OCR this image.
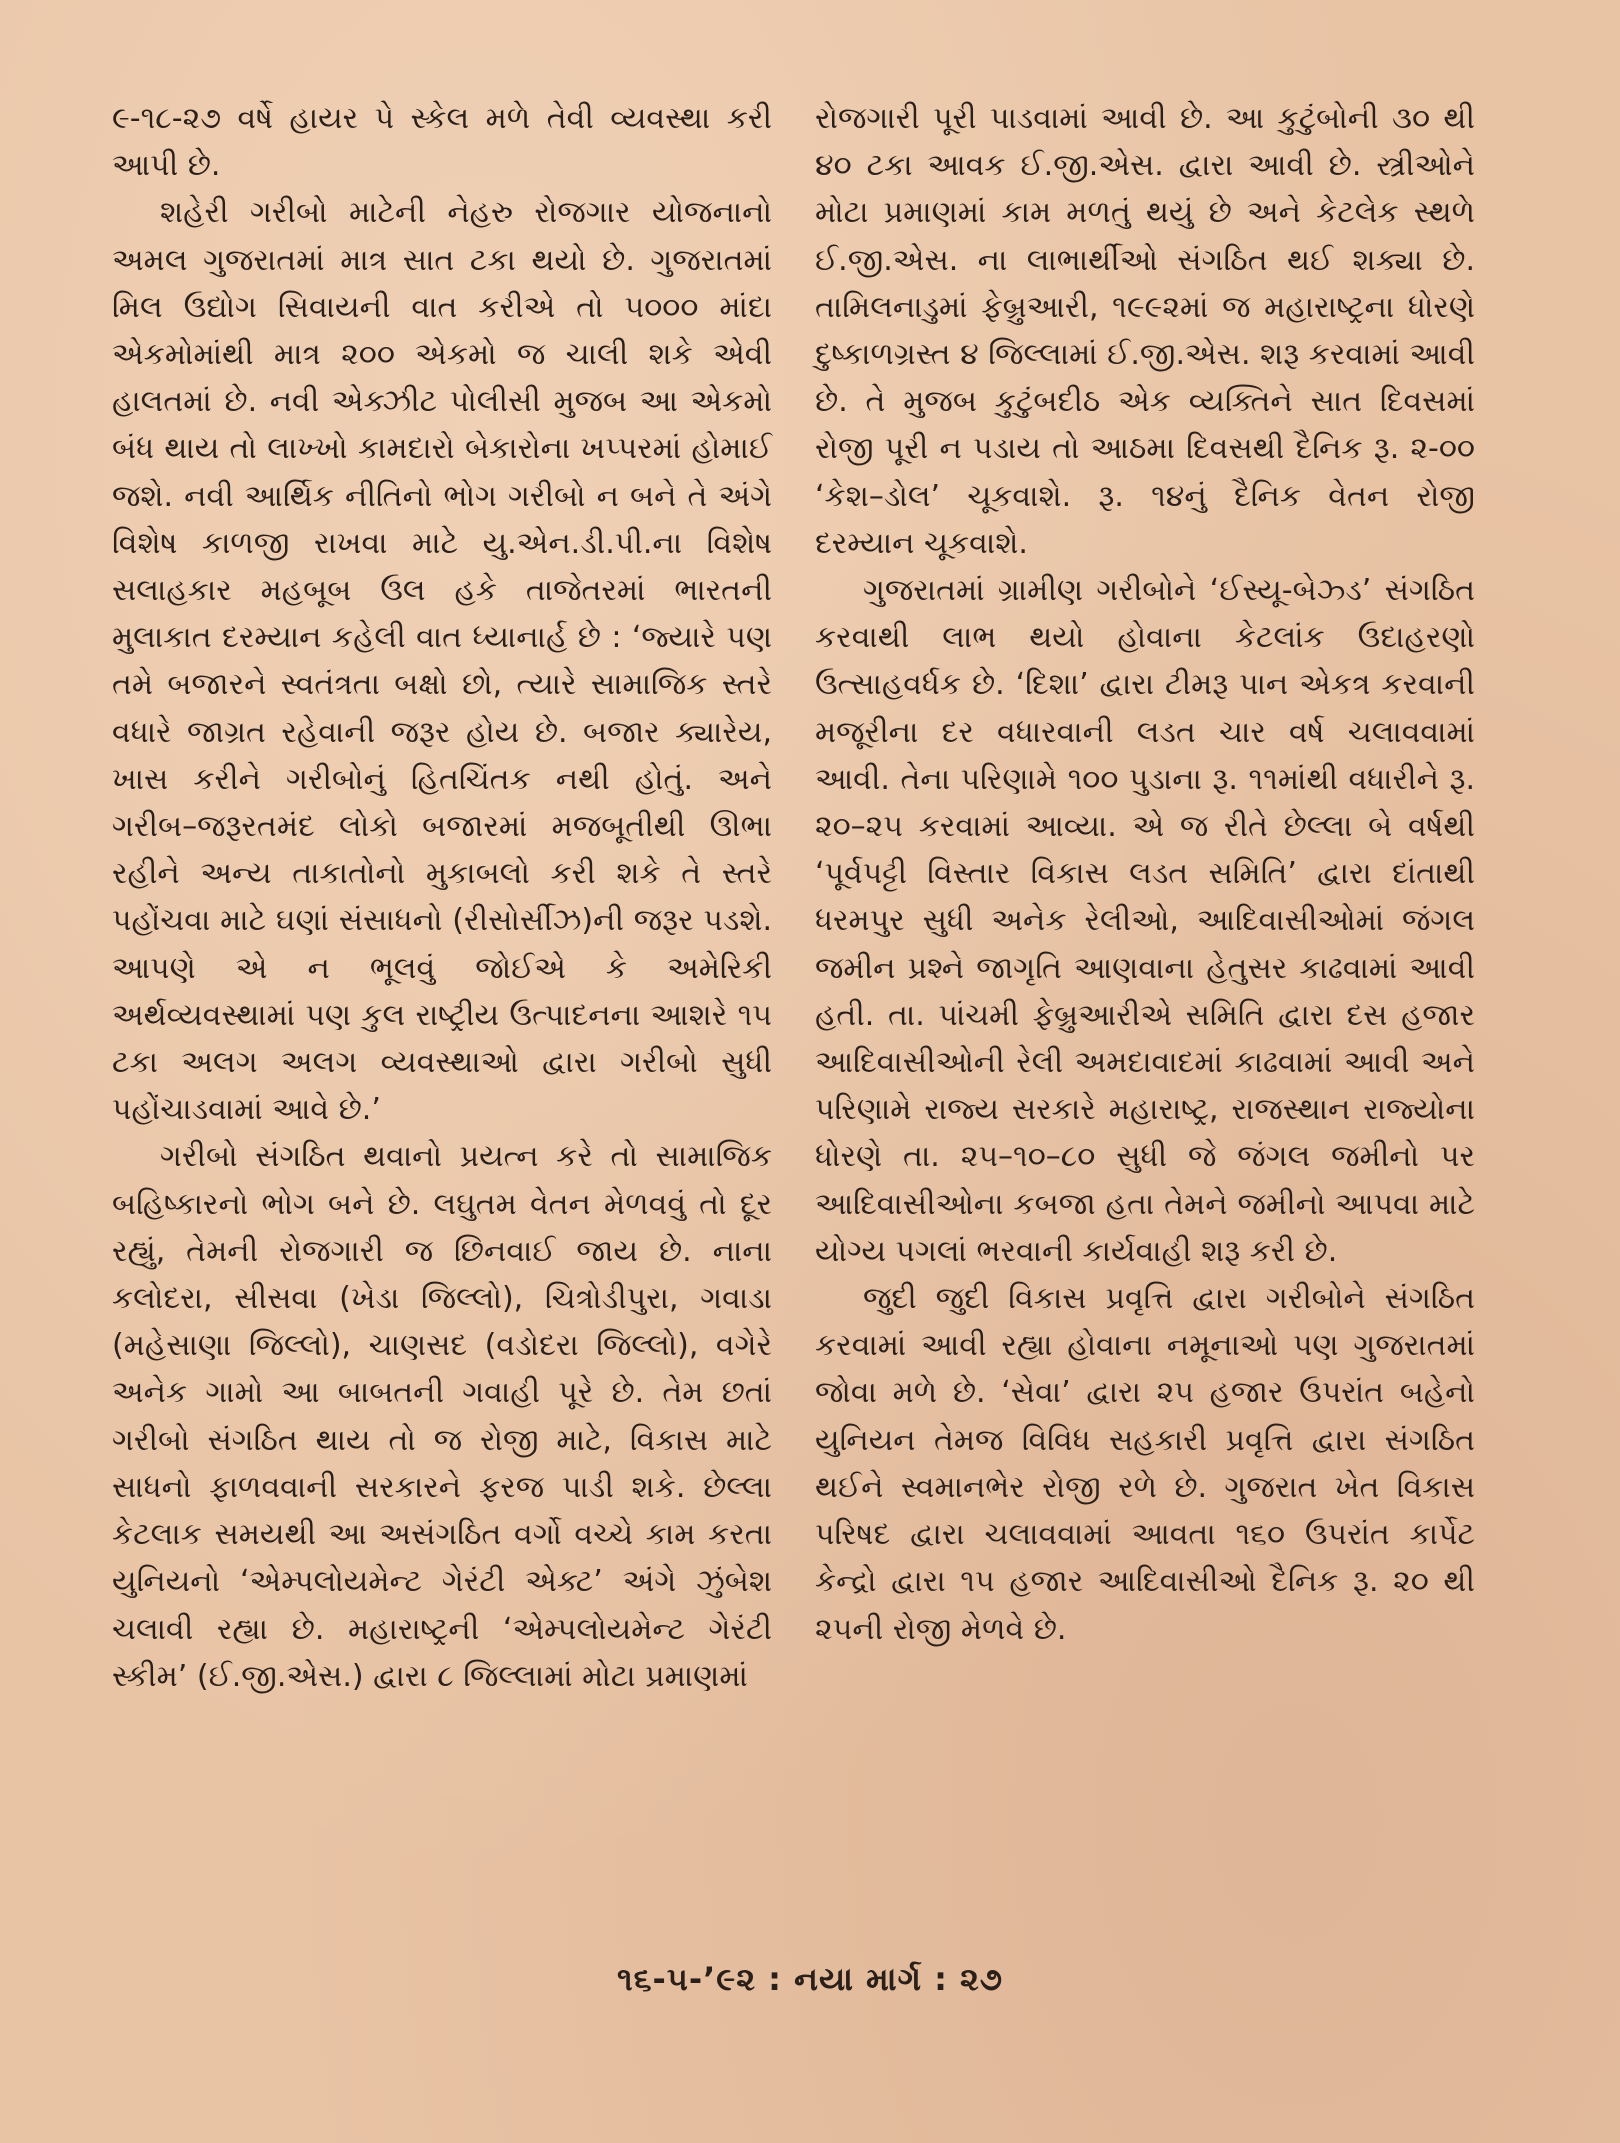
૯-૧૮-૨૭ વર્ષે હાયર પે સ્કેલ મળે તેવી વ્યવસ્થા કરી આપી છે.

શહેરી ગરીબો માટેની નેહરુ રોજગાર યોજનાનો અમલ ગુજરાતમાં માત્ર સાત ટકા થયો છે. ગુજરાતમાં મિલ ઉદ્યોગ સિવાયની વાત કરીએ તો ૫૦૦૦ માંદા એકમોમાંથી માત્ર ૨૦૦ એકમો જ ચાલી શકે એવી હાલતમાં છે. નવી એક્ઝીટ પોલીસી મુજબ આ એકમો બંધ થાય તો લાખ્ખો કામદારો બેકારોના ખપ્પરમાં હોમાઈ જશે. નવી આર્થિક નીતિનો ભોગ ગરીબો ન બને તે અંગે વિશેષ કાળજી રાખવા માટે યુ.એન.ડી.પી.ના વિશેષ સલાહકાર મહબૂબ ઉલ હકે તાજેતરમાં ભારતની મુલાકાત દરમ્યાન કહેલી વાત ધ્યાનાર્હ છે : ‘જ્યારે પણ તમે બજારને સ્વતંત્રતા બક્ષો છો, ત્યારે સામાજિક સ્તરે વધારે જાગ્રત રહેવાની જરૂર હોય છે. બજાર ક્યારેય, ખાસ કરીને ગરીબોનું હિતચિંતક નથી હોતું. અને ગરીબ–જરૂરતમંદ લોકો બજારમાં મજબૂતીથી ઊભા રહીને અન્ય તાકાતોનો મુકાબલો કરી શકે તે સ્તરે પહોંચવા માટે ઘણાં સંસાધનો (રીસોર્સીઝ)ની જરૂર પડશે. આપણે એ ન ભૂલવું જોઈએ કે અમેરિકી અર્થવ્યવસ્થામાં પણ કુલ રાષ્ટ્રીય ઉત્પાદનના આશરે ૧૫ ટકા અલગ અલગ વ્યવસ્થાઓ દ્વારા ગરીબો સુધી પહોંચાડવામાં આવે છે.’

ગરીબો સંગઠિત થવાનો પ્રયત્ન કરે તો સામાજિક બહિષ્કારનો ભોગ બને છે. લઘુતમ વેતન મેળવવું તો દૂર રહ્યું, તેમની રોજગારી જ છિનવાઈ જાય છે. નાના કલોદરા, સીસવા (ખેડા જિલ્લો), ચિત્રોડીપુરા, ગવાડા (મહેસાણા જિલ્લો), ચાણસદ (વડોદરા જિલ્લો), વગેરે અનેક ગામો આ બાબતની ગવાહી પૂરે છે. તેમ છતાં ગરીબો સંગઠિત થાય તો જ રોજી માટે, વિકાસ માટે સાધનો ફાળવવાની સરકારને ફરજ પાડી શકે. છેલ્લા કેટલાક સમયથી આ અસંગઠિત વર્ગો વચ્ચે કામ કરતા યુનિયનો ‘એમ્પલોયમેન્ટ ગેરંટી એક્ટ’ અંગે ઝુંબેશ ચલાવી રહ્યા છે. મહારાષ્ટ્રની ‘એમ્પલોયમેન્ટ ગેરંટી સ્કીમ’ (ઈ.જી.એસ.) દ્વારા ૮ જિલ્લામાં મોટા પ્રમાણમાં

રોજગારી પૂરી પાડવામાં આવી છે. આ કુટુંબોની ૩૦ થી ૪૦ ટકા આવક ઈ.જી.એસ. દ્વારા આવી છે. સ્ત્રીઓને મોટા પ્રમાણમાં કામ મળતું થયું છે અને કેટલેક સ્થળે ઈ.જી.એસ. ના લાભાર્થીઓ સંગઠિત થઈ શક્યા છે. તામિલનાડુમાં ફેબ્રુઆરી, ૧૯૯૨માં જ મહારાષ્ટ્રના ધોરણે દુષ્કાળગ્રસ્ત ૪ જિલ્લામાં ઈ.જી.એસ. શરૂ કરવામાં આવી છે. તે મુજબ કુટુંબદીઠ એક વ્યક્તિને સાત દિવસમાં રોજી પૂરી ન પડાય તો આઠમા દિવસથી દૈનિક રૂ. ૨-૦૦ ‘કેશ–ડોલ’ ચૂકવાશે. રૂ. ૧૪નું દૈનિક વેતન રોજી દરમ્યાન ચૂકવાશે.

ગુજરાતમાં ગ્રામીણ ગરીબોને ‘ઈસ્યૂ-બેઝ્ડ’ સંગઠિત કરવાથી લાભ થયો હોવાના કેટલાંક ઉદાહરણો ઉત્સાહવર્ધક છે. ‘દિશા’ દ્વારા ટીમરૂ પાન એકત્ર કરવાની મજૂરીના દર વધારવાની લડત ચાર વર્ષ ચલાવવામાં આવી. તેના પરિણામે ૧૦૦ પુડાના રૂ. ૧૧માંથી વધારીને રૂ. ૨૦–૨૫ કરવામાં આવ્યા. એ જ રીતે છેલ્લા બે વર્ષથી ‘પૂર્વપટ્ટી વિસ્તાર વિકાસ લડત સમિતિ’ દ્વારા દાંતાથી ધરમપુર સુધી અનેક રેલીઓ, આદિવાસીઓમાં જંગલ જમીન પ્રશ્ને જાગૃતિ આણવાના હેતુસર કાઢવામાં આવી હતી. તા. પાંચમી ફેબ્રુઆરીએ સમિતિ દ્વારા દસ હજાર આદિવાસીઓની રેલી અમદાવાદમાં કાઢવામાં આવી અને પરિણામે રાજ્ય સરકારે મહારાષ્ટ્ર, રાજસ્થાન રાજ્યોના ધોરણે તા. ૨૫–૧૦–૮૦ સુધી જે જંગલ જમીનો પર આદિવાસીઓના કબજા હતા તેમને જમીનો આપવા માટે યોગ્ય પગલાં ભરવાની કાર્યવાહી શરૂ કરી છે.

જુદી જુદી વિકાસ પ્રવૃત્તિ દ્વારા ગરીબોને સંગઠિત કરવામાં આવી રહ્યા હોવાના નમૂનાઓ પણ ગુજરાતમાં જોવા મળે છે. ‘સેવા’ દ્વારા ૨૫ હજાર ઉપરાંત બહેનો યુનિયન તેમજ વિવિધ સહકારી પ્રવૃત્તિ દ્વારા સંગઠિત થઈને સ્વમાનભેર રોજી રળે છે. ગુજરાત ખેત વિકાસ પરિષદ દ્વારા ચલાવવામાં આવતા ૧૬૦ ઉપરાંત કાર્પેટ કેન્દ્રો દ્વારા ૧૫ હજાર આદિવાસીઓ દૈનિક રૂ. ૨૦ થી ૨૫ની રોજી મેળવે છે.

૧૬-૫-’૯૨ : નયા માર્ગ : ૨૭
